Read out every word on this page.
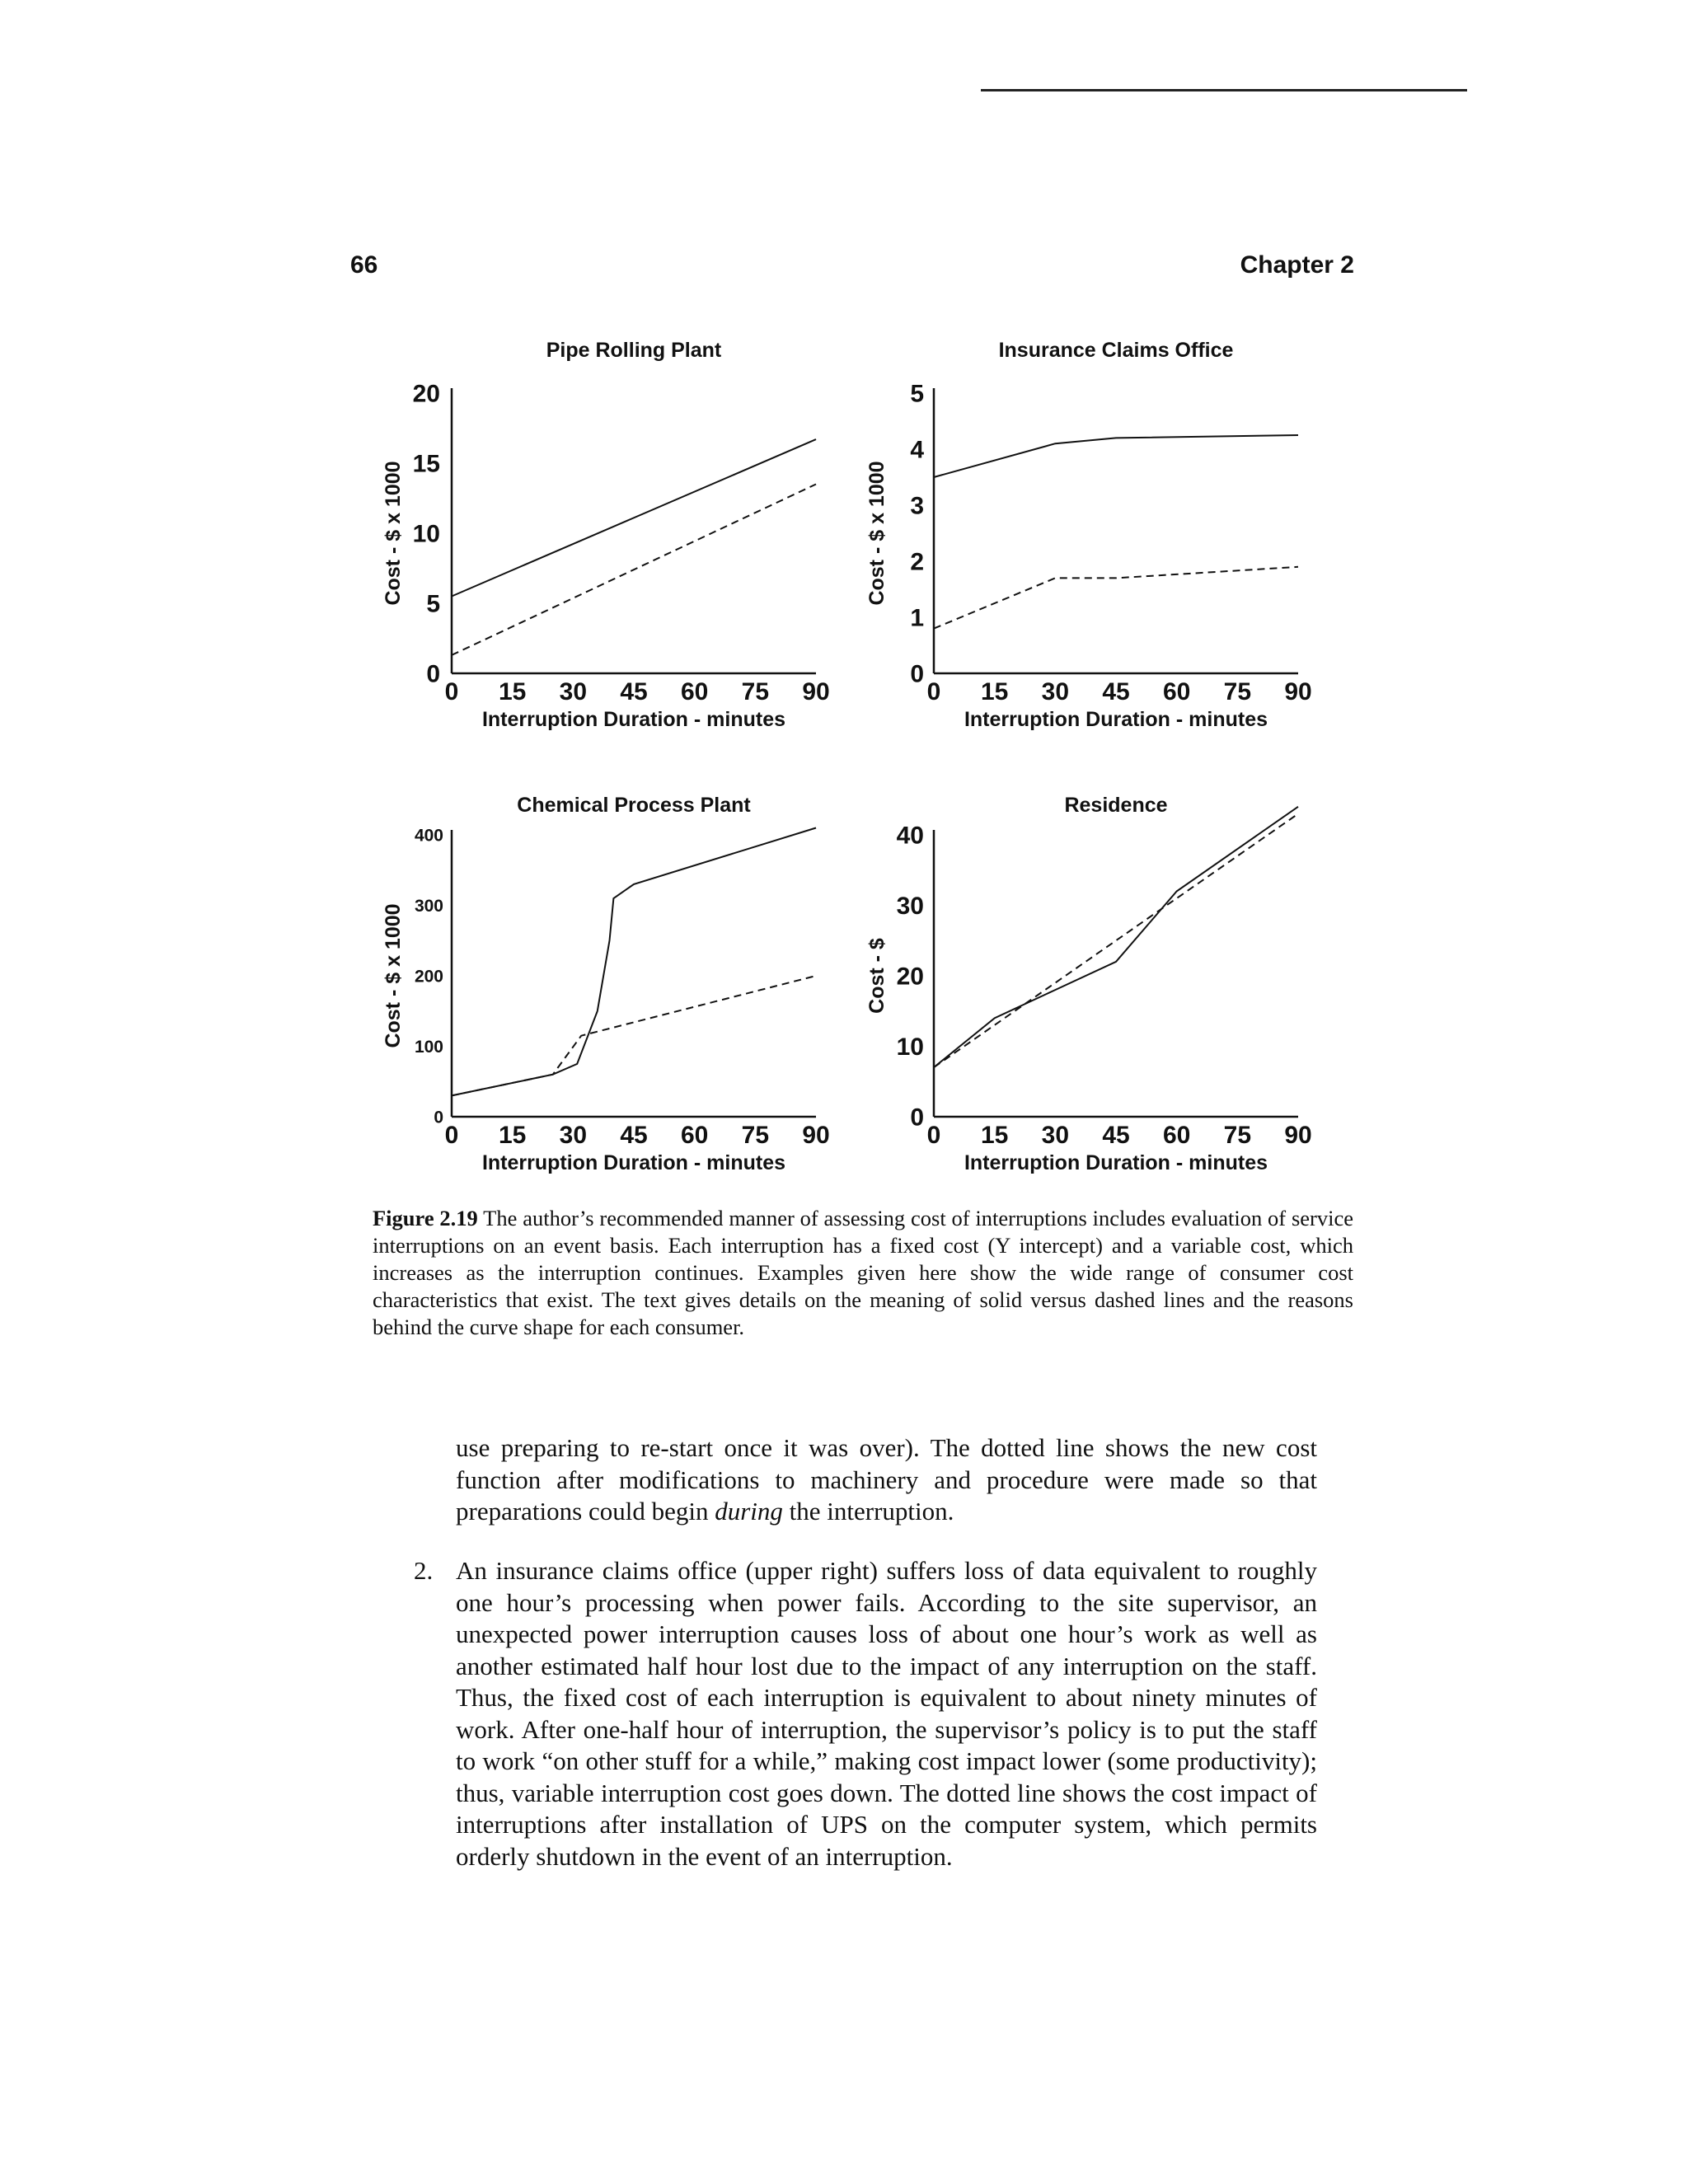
66	Chapter 2
Pipe Rolling Plant
0
5
10
15
20
0 15 30 45 60 75 90
Interruption Duration - minutes
Cost - $ x 1000
Insurance Claims Office
0
1
2
3
4
5
0 15 30 45 60 75 90
Interruption Duration - minutes
Cost - $ x 1000
Chemical Process Plant
0
100
200
300
400
0 15 30 45 60 75 90
Interruption Duration - minutes
Cost - $ x 1000
Residence
0
10
20
30
40
0 15 30 45 60 75 90
Interruption Duration - minutes
Cost - $
Figure 2.19 The author’s recommended manner of assessing cost of interruptions includes evaluation of service interruptions on an event basis. Each interruption has a fixed cost (Y intercept) and a variable cost, which increases as the interruption continues. Examples given here show the wide range of consumer cost characteristics that exist. The text gives details on the meaning of solid versus dashed lines and the reasons behind the curve shape for each consumer.
use preparing to re-start once it was over). The dotted line shows the new cost function after modifications to machinery and procedure were made so that preparations could begin during the interruption.
2. An insurance claims office (upper right) suffers loss of data equivalent to roughly one hour’s processing when power fails. According to the site supervisor, an unexpected power interruption causes loss of about one hour’s work as well as another estimated half hour lost due to the impact of any interruption on the staff. Thus, the fixed cost of each interruption is equivalent to about ninety minutes of work. After one-half hour of interruption, the supervisor’s policy is to put the staff to work “on other stuff for a while,” making cost impact lower (some productivity); thus, variable interruption cost goes down. The dotted line shows the cost impact of interruptions after installation of UPS on the computer system, which permits orderly shutdown in the event of an interruption.
